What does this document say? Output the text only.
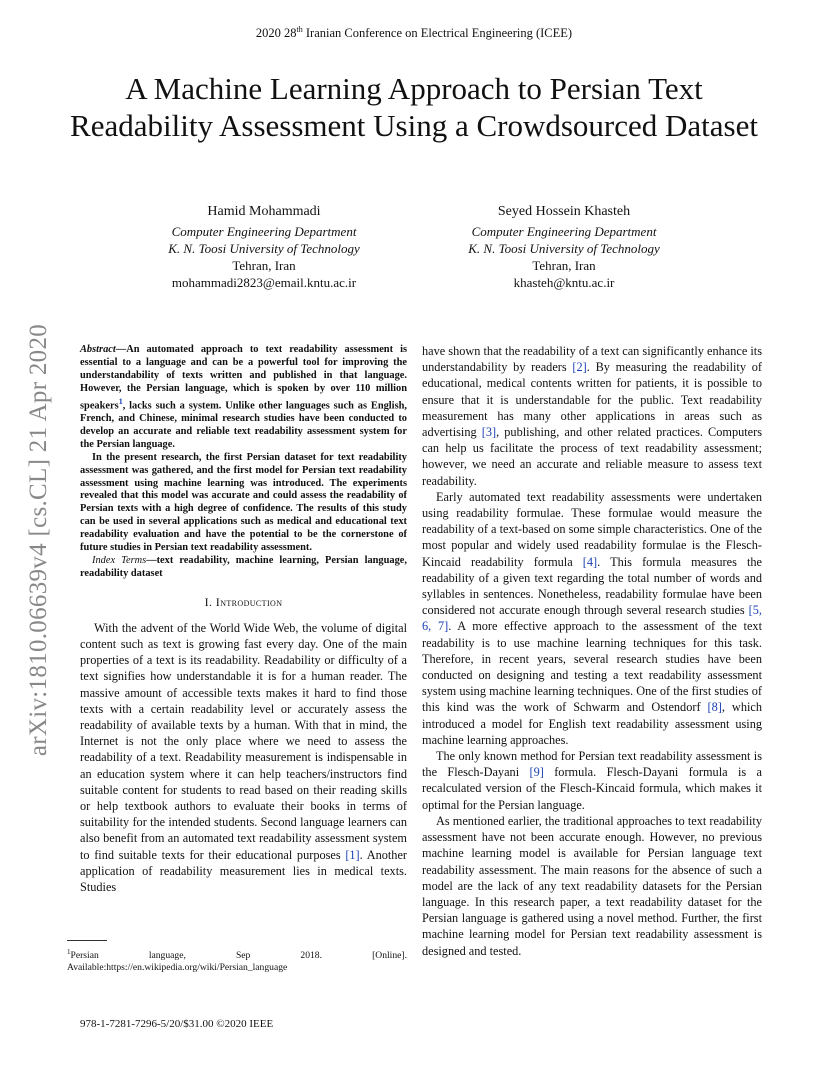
2020 28th Iranian Conference on Electrical Engineering (ICEE)
A Machine Learning Approach to Persian Text Readability Assessment Using a Crowdsourced Dataset
Hamid Mohammadi
Computer Engineering Department
K. N. Toosi University of Technology
Tehran, Iran
mohammadi2823@email.kntu.ac.ir
Seyed Hossein Khasteh
Computer Engineering Department
K. N. Toosi University of Technology
Tehran, Iran
khasteh@kntu.ac.ir
arXiv:1810.06639v4 [cs.CL] 21 Apr 2020	Abstract—An automated approach to text readability assessment is essential to a language and can be a powerful tool for improving the understandability of texts written and published in that language. However, the Persian language, which is spoken by over 110 million speakers$^1$, lacks such a system. Unlike other languages such as English, French, and Chinese, minimal research studies have been conducted to develop an accurate and reliable text readability assessment system for the Persian language.

In the present research, the first Persian dataset for text readability assessment was gathered, and the first model for Persian text readability assessment using machine learning was introduced. The experiments revealed that this model was accurate and could assess the readability of Persian texts with a high degree of confidence. The results of this study can be used in several applications such as medical and educational text readability evaluation and have the potential to be the cornerstone of future studies in Persian text readability assessment.

Index Terms—text readability, machine learning, Persian language, readability dataset

I. Introduction

With the advent of the World Wide Web, the volume of digital content such as text is growing fast every day. One of the main properties of a text is its readability. Readability or difficulty of a text signifies how understandable it is for a human reader. The massive amount of accessible texts makes it hard to find those texts with a certain readability level or accurately assess the readability of available texts by a human. With that in mind, the Internet is not the only place where we need to assess the readability of a text. Readability measurement is indispensable in an education system where it can help teachers/instructors find suitable content for students to read based on their reading skills or help textbook authors to evaluate their books in terms of suitability for the intended students. Second language learners can also benefit from an automated text readability assessment system to find suitable texts for their educational purposes [1]. Another application of readability measurement lies in medical texts. Studies

$^1$Persian language, Sep 2018. [Online]. Available:https://en.wikipedia.org/wiki/Persian_language

have shown that the readability of a text can significantly enhance its understandability by readers [2]. By measuring the readability of educational, medical contents written for patients, it is possible to ensure that it is understandable for the public. Text readability measurement has many other applications in areas such as advertising [3], publishing, and other related practices. Computers can help us facilitate the process of text readability assessment; however, we need an accurate and reliable measure to assess text readability.

Early automated text readability assessments were undertaken using readability formulae. These formulae would measure the readability of a text-based on some simple characteristics. One of the most popular and widely used readability formulae is the Flesch-Kincaid readability formula [4]. This formula measures the readability of a given text regarding the total number of words and syllables in sentences. Nonetheless, readability formulae have been considered not accurate enough through several research studies [5, 6, 7]. A more effective approach to the assessment of the text readability is to use machine learning techniques for this task. Therefore, in recent years, several research studies have been conducted on designing and testing a text readability assessment system using machine learning techniques. One of the first studies of this kind was the work of Schwarm and Ostendorf [8], which introduced a model for English text readability assessment using machine learning approaches.

The only known method for Persian text readability assessment is the Flesch-Dayani [9] formula. Flesch-Dayani formula is a recalculated version of the Flesch-Kincaid formula, which makes it optimal for the Persian language.

As mentioned earlier, the traditional approaches to text readability assessment have not been accurate enough. However, no previous machine learning model is available for Persian language text readability assessment. The main reasons for the absence of such a model are the lack of any text readability datasets for the Persian language. In this research paper, a text readability dataset for the Persian language is gathered using a novel method. Further, the first machine learning model for Persian text readability assessment is designed and tested.

978-1-7281-7296-5/20/$31.00 ©2020 IEEE
